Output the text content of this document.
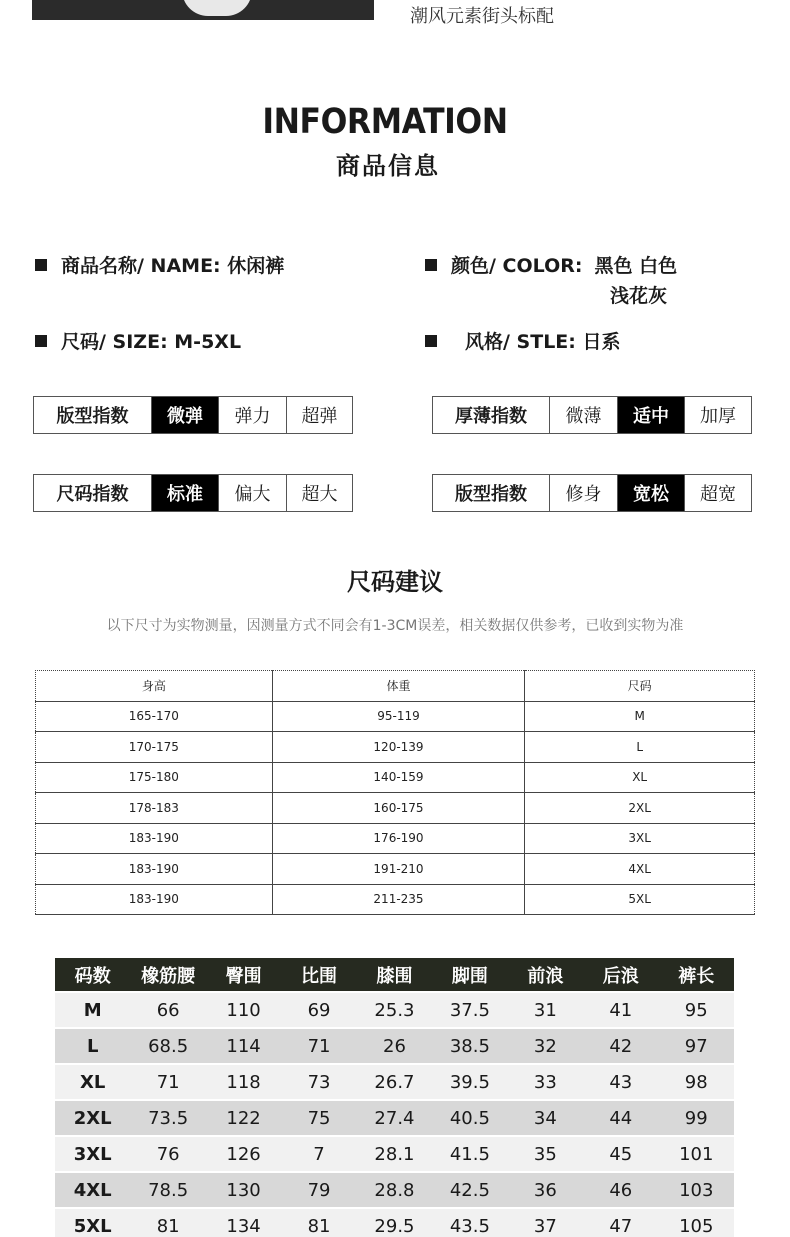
潮风元素街头标配
INFORMATION
商品信息
商品名称/ NAME: 休闲裤	颜色/ COLOR: 黑色 白色
浅花灰
尺码/ SIZE: M-5XL	风格/ STLE: 日系
版型指数	微弹	弹力	超弹	厚薄指数	微薄	适中	加厚
尺码指数	标准	偏大	超大	版型指数	修身	宽松	超宽
尺码建议
以下尺寸为实物测量，因测量方式不同会有1-3CM误差，相关数据仅供参考，已收到实物为准
身高	体重	尺码
165-170	95-119	M
170-175	120-139	L
175-180	140-159	XL
178-183	160-175	2XL
183-190	176-190	3XL
183-190	191-210	4XL
183-190	211-235	5XL
码数	橡筋腰	臀围	比围	膝围	脚围	前浪	后浪	裤长
M	66	110	69	25.3	37.5	31	41	95
L	68.5	114	71	26	38.5	32	42	97
XL	71	118	73	26.7	39.5	33	43	98
2XL	73.5	122	75	27.4	40.5	34	44	99
3XL	76	126	7	28.1	41.5	35	45	101
4XL	78.5	130	79	28.8	42.5	36	46	103
5XL	81	134	81	29.5	43.5	37	47	105
